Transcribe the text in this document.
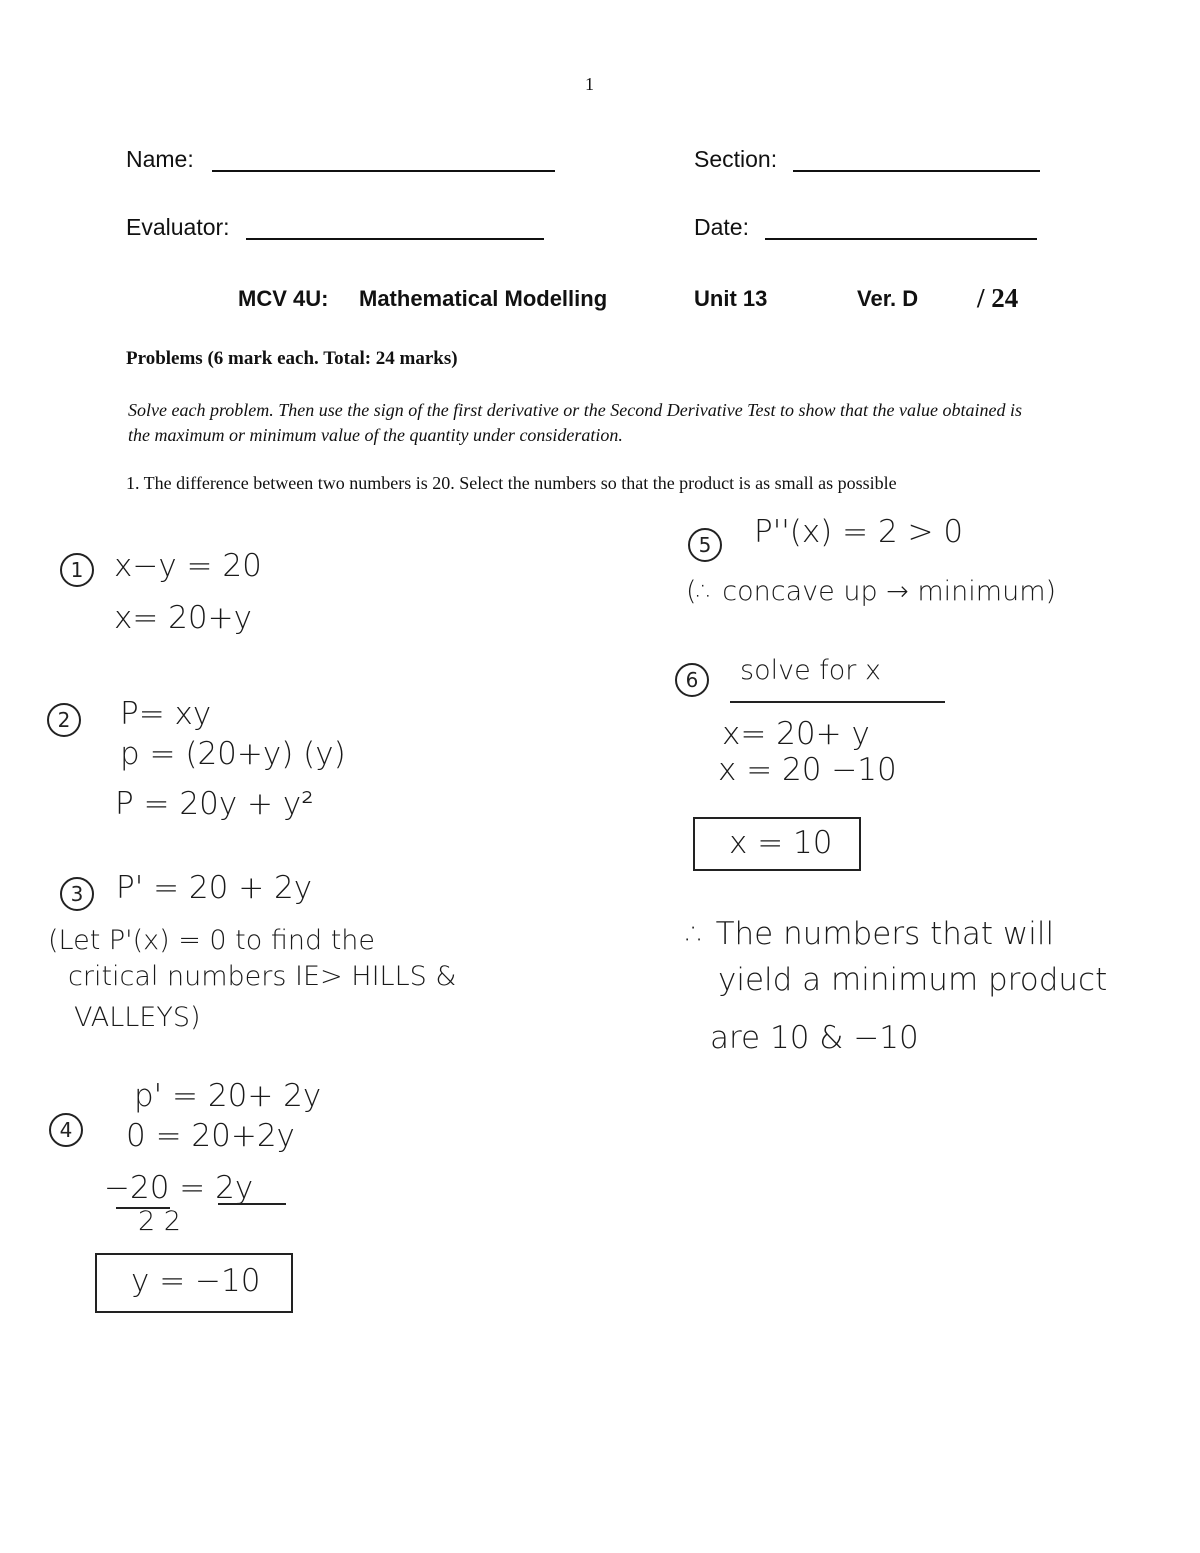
1
Name:	Section:
Evaluator:	Date:
MCV 4U: Mathematical Modelling	Unit 13	Ver. D / 24
Problems (6 mark each. Total: 24 marks)
Solve each problem. Then use the sign of the first derivative or the Second Derivative Test to show that the value obtained is the maximum or minimum value of the quantity under consideration.
1. The difference between two numbers is 20. Select the numbers so that the product is as small as possible
1 x−y = 20
x= 20+y
2	P= xy
p = (20+y) (y)
P = 20y + y²
3	P' = 20 + 2y
(Let P'(x) = 0 to find the
critical numbers IE> HILLS &
VALLEYS)
4
p' = 20+ 2y
0 = 20+2y
−20 = 2y
2 2
y = −10
5	P''(x) = 2 > 0
(∴ concave up → minimum)
6	solve for x
x= 20+ y
x = 20 −10
x = 10
∴ The numbers that will
yield a minimum product
are 10 & −10
